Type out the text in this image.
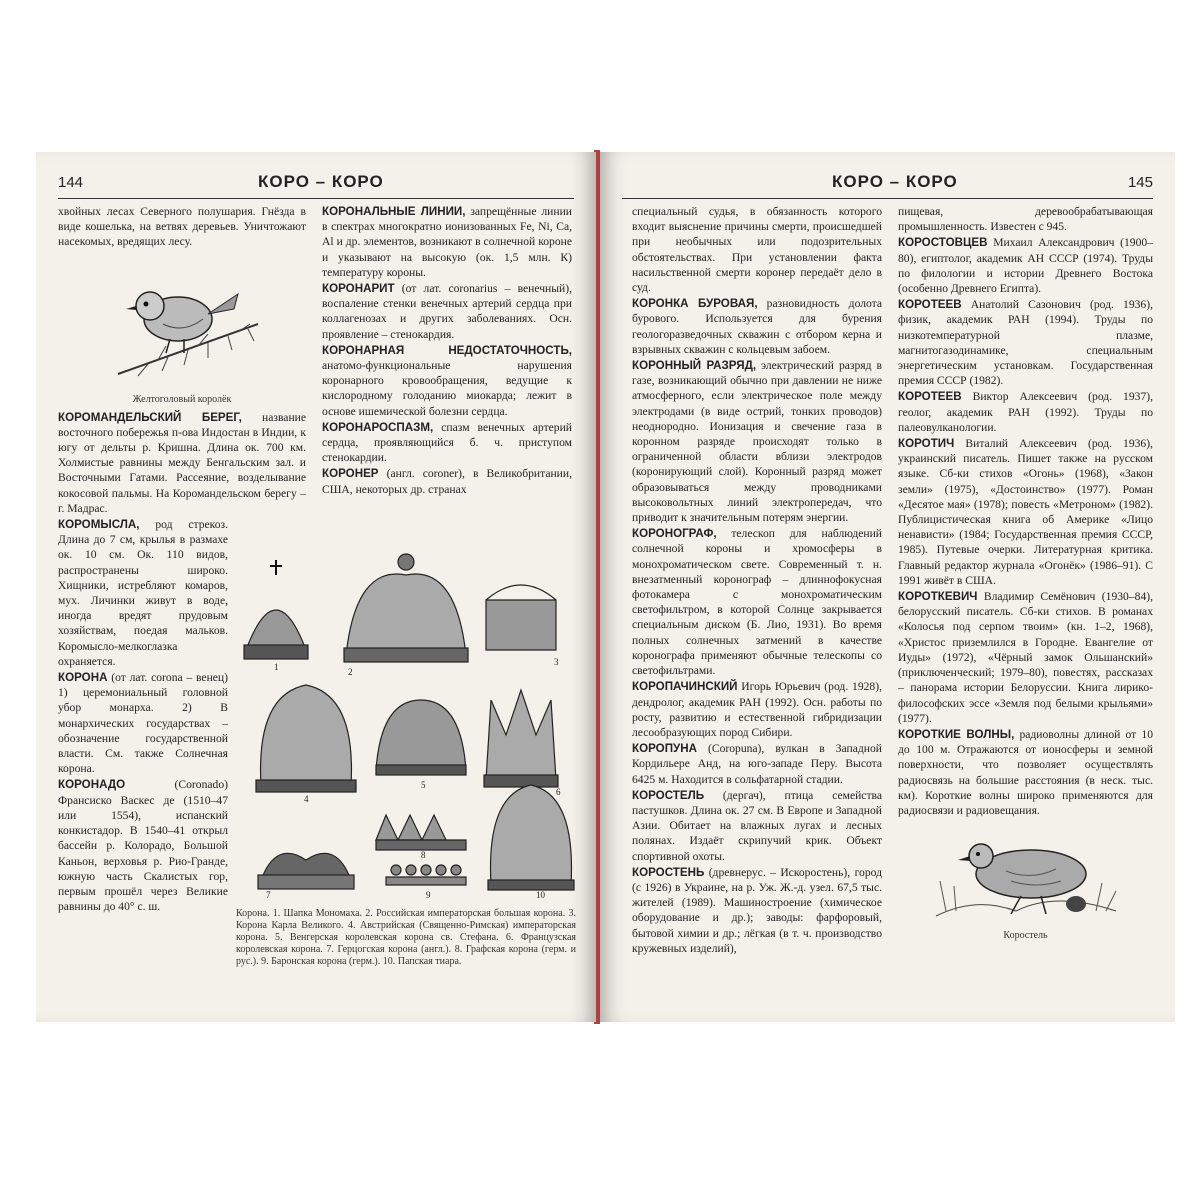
144	КОРО – КОРО

хвойных лесах Северного полушария. Гнёзда в виде кошелька, на ветвях деревьев. Уничтожают насекомых, вредящих лесу.

Желтоголовый королёк

КОРОМАНДЕЛЬСКИЙ БЕРЕГ, название восточного побережья п-ова Индостан в Индии, к югу от дельты р. Кришна. Длина ок. 700 км. Холмистые равнины между Бенгальским зал. и Восточными Гатами. Рассеяние, возделывание кокосовой пальмы. На Коромандельском берегу – г. Мадрас.

КОРОМЫСЛА, род стрекоз. Длина до 7 см, крылья в размахе ок. 10 см. Ок. 110 видов, распространены широко. Хищники, истребляют комаров, мух. Личинки живут в воде, иногда вредят прудовым хозяйствам, поедая мальков. Коромысло-мелкоглазка охраняется.

КОРОНА (от лат. corona – венец) 1) церемониальный головной убор монарха. 2) В монархических государствах – обозначение государственной власти. См. также Солнечная корона.

КОРОНАДО (Coronado) Франсиско Васкес де (1510–47 или 1554), испанский конкистадор. В 1540–41 открыл бассейн р. Колорадо, Большой Каньон, верховья р. Рио-Гранде, южную часть Скалистых гор, первым прошёл через Великие равнины до 40° с. ш.

КОРОНАЛЬНЫЕ ЛИНИИ, запрещённые линии в спектрах многократно ионизованных Fe, Ni, Ca, Al и др. элементов, возникают в солнечной короне и указывают на высокую (ок. 1,5 млн. К) температуру короны.

КОРОНАРИТ (от лат. coronarius – венечный), воспаление стенки венечных артерий сердца при коллагенозах и других заболеваниях. Осн. проявление – стенокардия.

КОРОНАРНАЯ НЕДОСТАТОЧНОСТЬ, анатомо-функциональные нарушения коронарного кровообращения, ведущие к кислородному голоданию миокарда; лежит в основе ишемической болезни сердца.

КОРОНАРОСПАЗМ, спазм венечных артерий сердца, проявляющийся б. ч. приступом стенокардии.

КОРОНЕР (англ. coroner), в Великобритании, США, некоторых др. странах

1	2
3
4
5
6
7
8
9	10
Корона. 1. Шапка Мономаха. 2. Российская императорская большая корона. 3. Корона Карла Великого. 4. Австрийская (Священно-Римская) императорская корона. 5. Венгерская королевская корона св. Стефана. 6. Французская королевская корона. 7. Герцогская корона (англ.). 8. Графская корона (герм. и рус.). 9. Баронская корона (герм.). 10. Папская тиара.
КОРО – КОРО	145

специальный судья, в обязанность которого входит выяснение причины смерти, происшедшей при необычных или подозрительных обстоятельствах. При установлении факта насильственной смерти коронер передаёт дело в суд.

КОРОНКА БУРОВАЯ, разновидность долота бурового. Используется для бурения геологоразведочных скважин с отбором керна и взрывных скважин с кольцевым забоем.

КОРОННЫЙ РАЗРЯД, электрический разряд в газе, возникающий обычно при давлении не ниже атмосферного, если электрическое поле между электродами (в виде острий, тонких проводов) неоднородно. Ионизация и свечение газа в коронном разряде происходят только в ограниченной области вблизи электродов (коронирующий слой). Коронный разряд может образовываться между проводниками высоковольтных линий электропередач, что приводит к значительным потерям энергии.

КОРОНОГРАФ, телескоп для наблюдений солнечной короны и хромосферы в монохроматическом свете. Современный т. н. внезатменный коронограф – длиннофокусная фотокамера с монохроматическим светофильтром, в которой Солнце закрывается специальным диском (Б. Лио, 1931). Во время полных солнечных затмений в качестве коронографа применяют обычные телескопы со светофильтрами.

КОРОПАЧИНСКИЙ Игорь Юрьевич (род. 1928), дендролог, академик РАН (1992). Осн. работы по росту, развитию и естественной гибридизации лесообразующих пород Сибири.

КОРОПУНА (Coropuna), вулкан в Западной Кордильере Анд, на юго-западе Перу. Высота 6425 м. Находится в сольфатарной стадии.

КОРОСТЕЛЬ (дергач), птица семейства пастушков. Длина ок. 27 см. В Европе и Западной Азии. Обитает на влажных лугах и лесных полянах. Издаёт скрипучий крик. Объект спортивной охоты.

КОРОСТЕНЬ (древнерус. – Искоростень), город (с 1926) в Украине, на р. Уж. Ж.-д. узел. 67,5 тыс. жителей (1989). Машиностроение (химическое оборудование и др.); заводы: фарфоровый, бытовой химии и др.; лёгкая (в т. ч. производство кружевных изделий),

пищевая, деревообрабатывающая промышленность. Известен с 945.

КОРОСТОВЦЕВ Михаил Александрович (1900–80), египтолог, академик АН СССР (1974). Труды по филологии и истории Древнего Востока (особенно Древнего Египта).

КОРОТЕЕВ Анатолий Сазонович (род. 1936), физик, академик РАН (1994). Труды по низкотемпературной плазме, магнитогазодинамике, специальным энергетическим установкам. Государственная премия СССР (1982).

КОРОТЕЕВ Виктор Алексеевич (род. 1937), геолог, академик РАН (1992). Труды по палеовулканологии.

КОРОТИЧ Виталий Алексеевич (род. 1936), украинский писатель. Пишет также на русском языке. Сб-ки стихов «Огонь» (1968), «Закон земли» (1975), «Достоинство» (1977). Роман «Десятое мая» (1978); повесть «Метроном» (1982). Публицистическая книга об Америке «Лицо ненависти» (1984; Государственная премия СССР, 1985). Путевые очерки. Литературная критика. Главный редактор журнала «Огонёк» (1986–91). С 1991 живёт в США.

КОРОТКЕВИЧ Владимир Семёнович (1930–84), белорусский писатель. Сб-ки стихов. В романах «Колосья под серпом твоим» (кн. 1–2, 1968), «Христос приземлился в Городне. Евангелие от Иуды» (1972), «Чёрный замок Ольшанский» (приключенческий; 1979–80), повестях, рассказах – панорама истории Белоруссии. Книга лирико-философских эссе «Земля под белыми крыльями» (1977).

КОРОТКИЕ ВОЛНЫ, радиоволны длиной от 10 до 100 м. Отражаются от ионосферы и земной поверхности, что позволяет осуществлять радиосвязь на большие расстояния (в неск. тыс. км). Короткие волны широко применяются для радиосвязи и радиовещания.

Коростель
